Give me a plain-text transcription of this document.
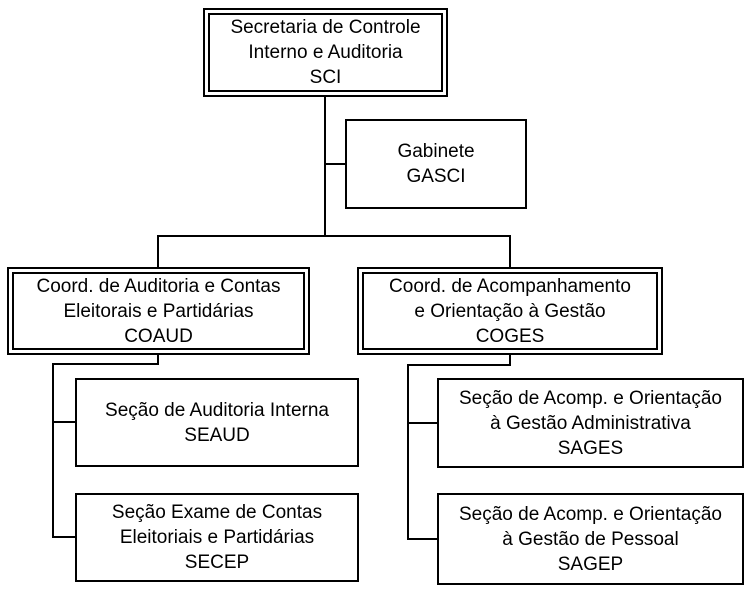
Secretaria de Controle
Interno e Auditoria
SCI
Gabinete
GASCI
Coord. de Auditoria e Contas
Eleitorais e Partidárias
COAUD
Coord. de Acompanhamento
e Orientação à Gestão
COGES
Seção de Auditoria Interna
SEAUD
Seção Exame de Contas
Eleitoriais e Partidárias
SECEP
Seção de Acomp. e Orientação
à Gestão Administrativa
SAGES
Seção de Acomp. e Orientação
à Gestão de Pessoal
SAGEP
